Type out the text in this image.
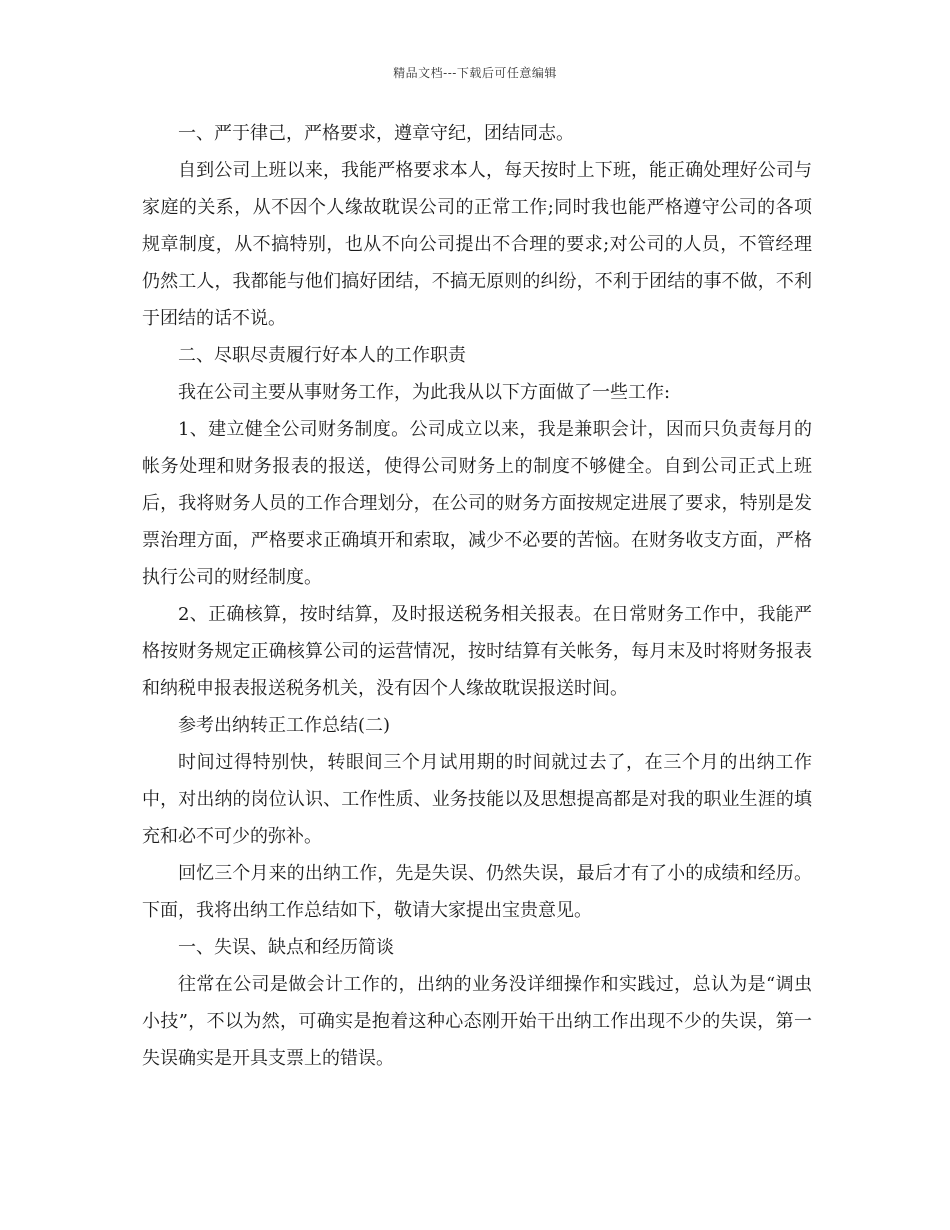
精品文档---下载后可任意编辑

一、严于律己，严格要求，遵章守纪，团结同志。

自到公司上班以来，我能严格要求本人，每天按时上下班，能正确处理好公司与家庭的关系，从不因个人缘故耽误公司的正常工作;同时我也能严格遵守公司的各项规章制度，从不搞特别，也从不向公司提出不合理的要求;对公司的人员，不管经理仍然工人，我都能与他们搞好团结，不搞无原则的纠纷，不利于团结的事不做，不利于团结的话不说。

二、尽职尽责履行好本人的工作职责

我在公司主要从事财务工作，为此我从以下方面做了一些工作:

1、建立健全公司财务制度。公司成立以来，我是兼职会计，因而只负责每月的帐务处理和财务报表的报送，使得公司财务上的制度不够健全。自到公司正式上班后，我将财务人员的工作合理划分，在公司的财务方面按规定进展了要求，特别是发票治理方面，严格要求正确填开和索取，减少不必要的苦恼。在财务收支方面，严格执行公司的财经制度。

2、正确核算，按时结算，及时报送税务相关报表。在日常财务工作中，我能严格按财务规定正确核算公司的运营情况，按时结算有关帐务，每月末及时将财务报表和纳税申报表报送税务机关，没有因个人缘故耽误报送时间。

参考出纳转正工作总结(二)

时间过得特别快，转眼间三个月试用期的时间就过去了，在三个月的出纳工作中，对出纳的岗位认识、工作性质、业务技能以及思想提高都是对我的职业生涯的填充和必不可少的弥补。

回忆三个月来的出纳工作，先是失误、仍然失误，最后才有了小的成绩和经历。下面，我将出纳工作总结如下，敬请大家提出宝贵意见。

一、失误、缺点和经历简谈

往常在公司是做会计工作的，出纳的业务没详细操作和实践过，总认为是“调虫小技”，不以为然，可确实是抱着这种心态刚开始干出纳工作出现不少的失误，第一失误确实是开具支票上的错误。
